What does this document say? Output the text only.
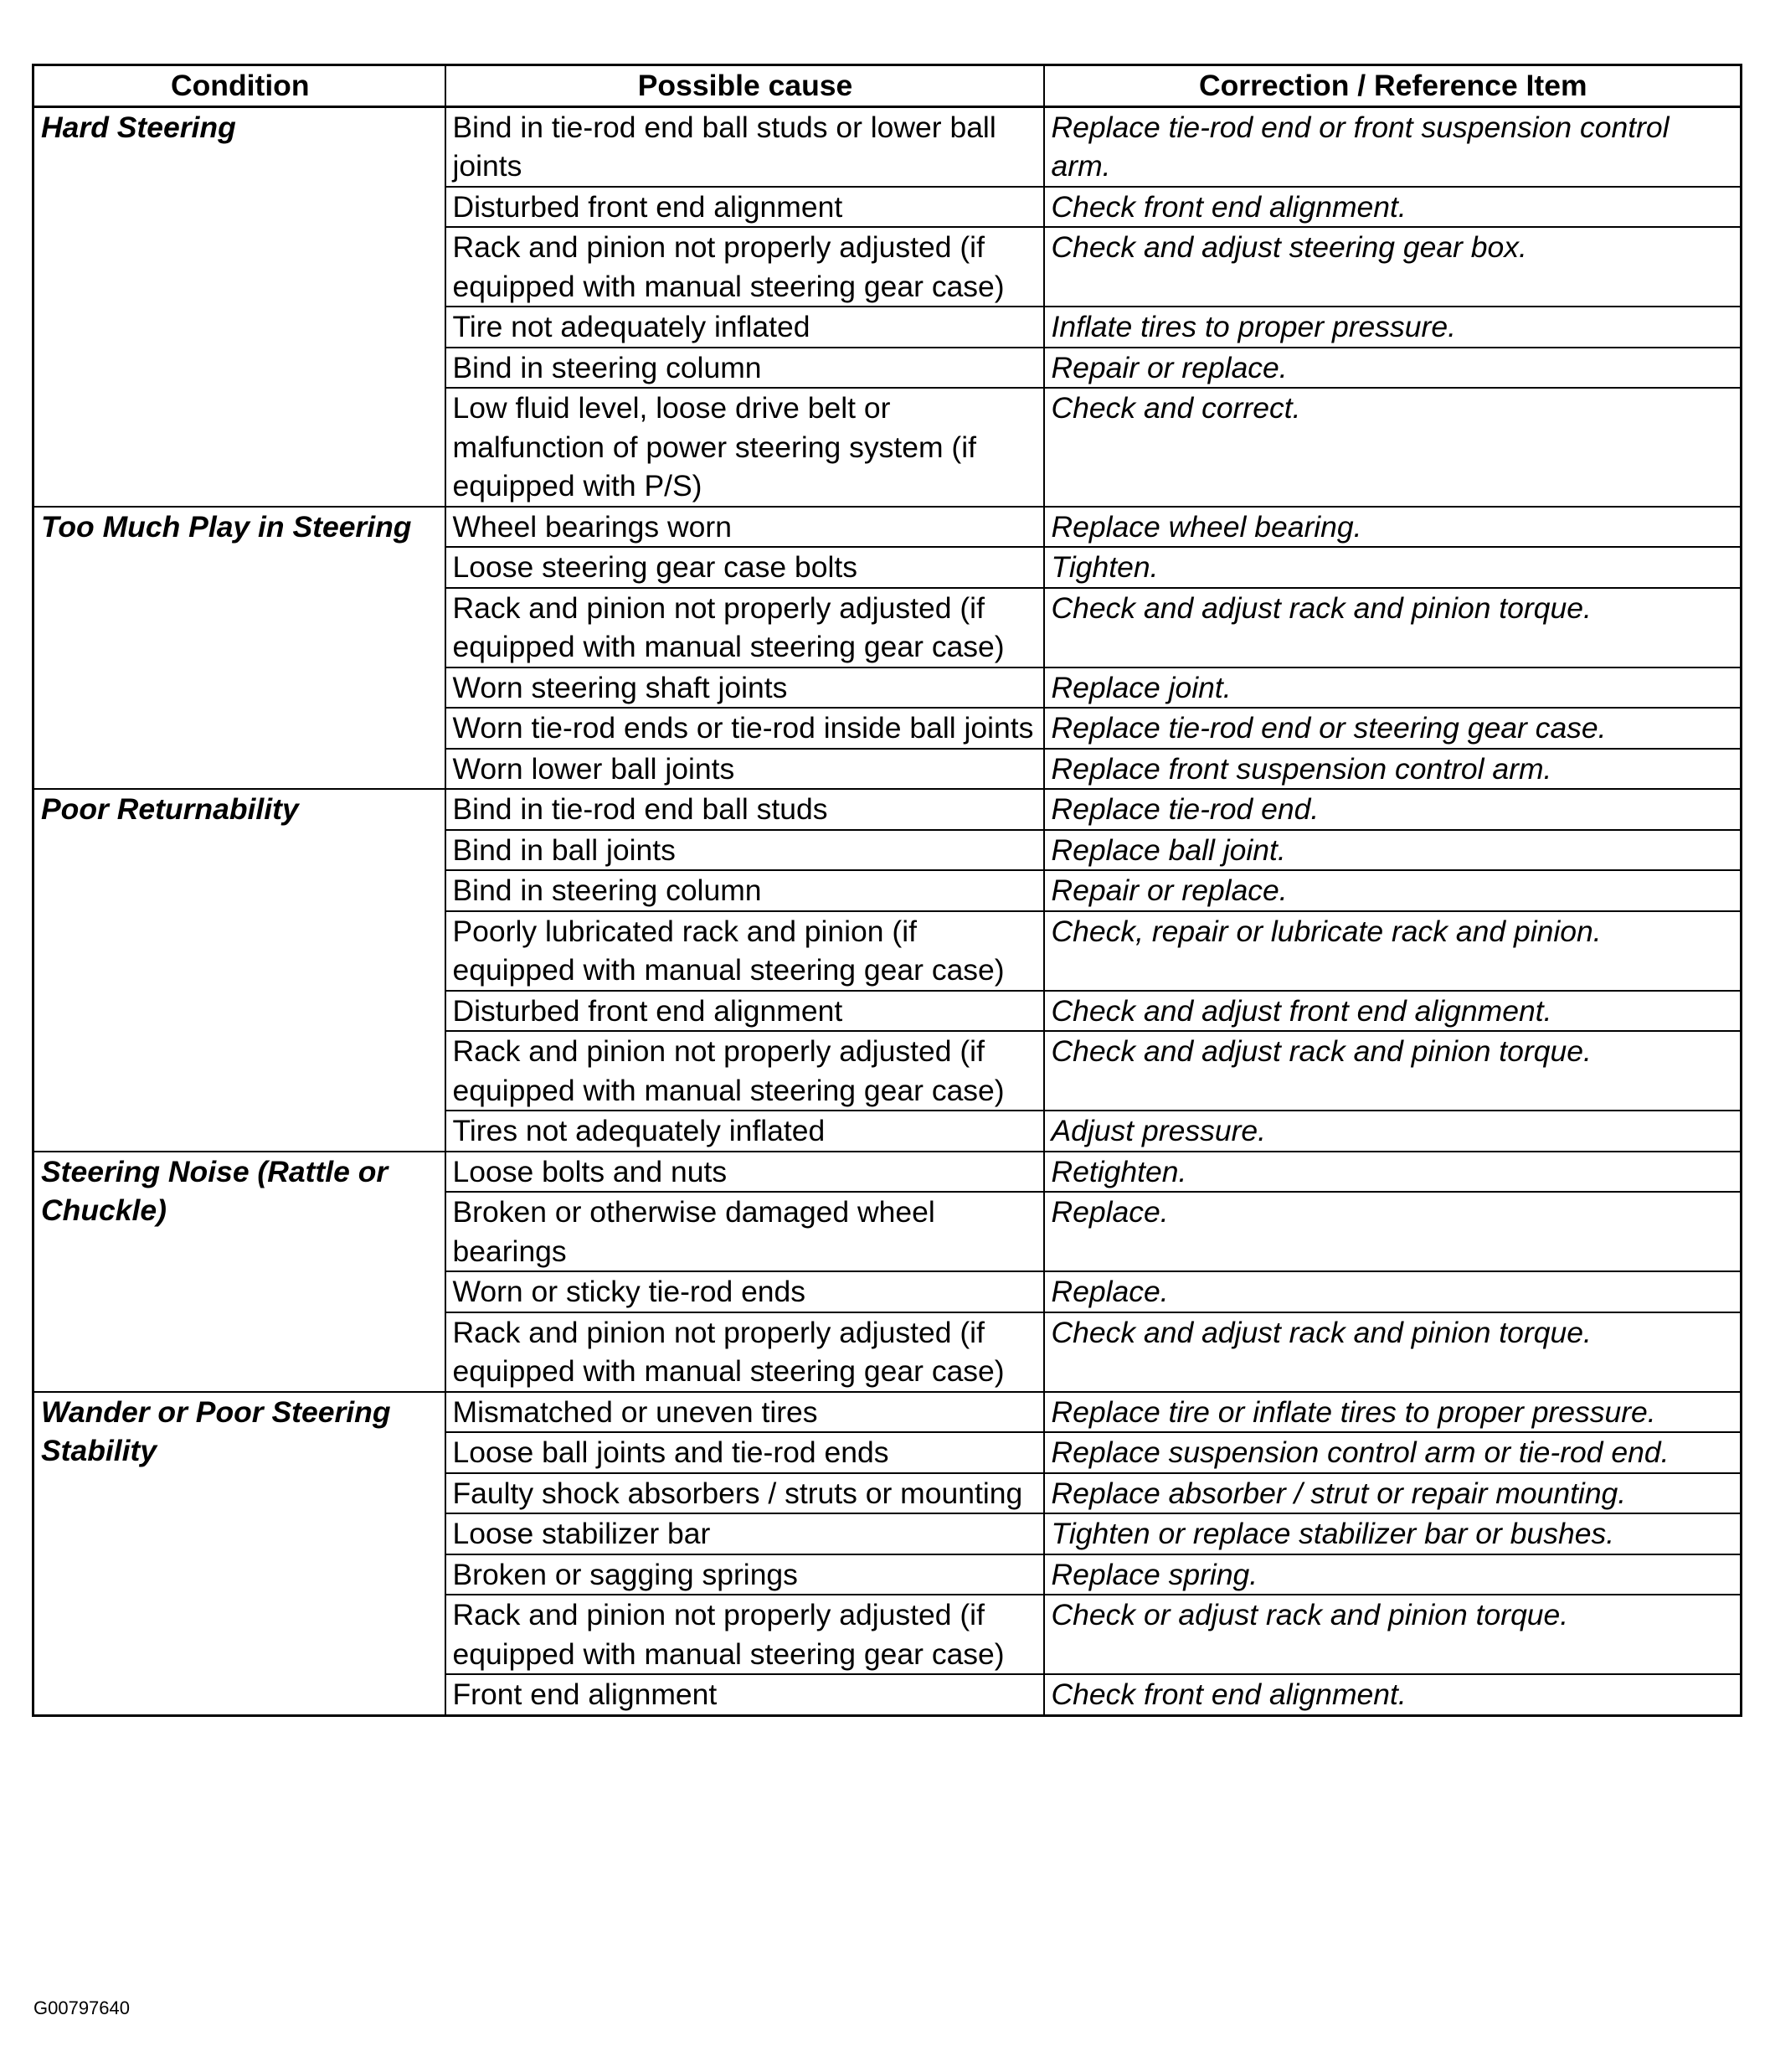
Condition	Possible cause	Correction / Reference Item
Hard Steering	Bind in tie-rod end ball studs or lower ball joints	Replace tie-rod end or front suspension control arm.
	Disturbed front end alignment	Check front end alignment.
	Rack and pinion not properly adjusted (if equipped with manual steering gear case)	Check and adjust steering gear box.
	Tire not adequately inflated	Inflate tires to proper pressure.
	Bind in steering column	Repair or replace.
	Low fluid level, loose drive belt or malfunction of power steering system (if equipped with P/S)	Check and correct.
Too Much Play in Steering	Wheel bearings worn	Replace wheel bearing.
	Loose steering gear case bolts	Tighten.
	Rack and pinion not properly adjusted (if equipped with manual steering gear case)	Check and adjust rack and pinion torque.
	Worn steering shaft joints	Replace joint.
	Worn tie-rod ends or tie-rod inside ball joints	Replace tie-rod end or steering gear case.
	Worn lower ball joints	Replace front suspension control arm.
Poor Returnability	Bind in tie-rod end ball studs	Replace tie-rod end.
	Bind in ball joints	Replace ball joint.
	Bind in steering column	Repair or replace.
	Poorly lubricated rack and pinion (if equipped with manual steering gear case)	Check, repair or lubricate rack and pinion.
	Disturbed front end alignment	Check and adjust front end alignment.
	Rack and pinion not properly adjusted (if equipped with manual steering gear case)	Check and adjust rack and pinion torque.
	Tires not adequately inflated	Adjust pressure.
Steering Noise (Rattle or Chuckle)	Loose bolts and nuts	Retighten.
	Broken or otherwise damaged wheel bearings	Replace.
	Worn or sticky tie-rod ends	Replace.
	Rack and pinion not properly adjusted (if equipped with manual steering gear case)	Check and adjust rack and pinion torque.
Wander or Poor Steering Stability	Mismatched or uneven tires	Replace tire or inflate tires to proper pressure.
	Loose ball joints and tie-rod ends	Replace suspension control arm or tie-rod end.
	Faulty shock absorbers / struts or mounting	Replace absorber / strut or repair mounting.
	Loose stabilizer bar	Tighten or replace stabilizer bar or bushes.
	Broken or sagging springs	Replace spring.
	Rack and pinion not properly adjusted (if equipped with manual steering gear case)	Check or adjust rack and pinion torque.
	Front end alignment	Check front end alignment.
G00797640
